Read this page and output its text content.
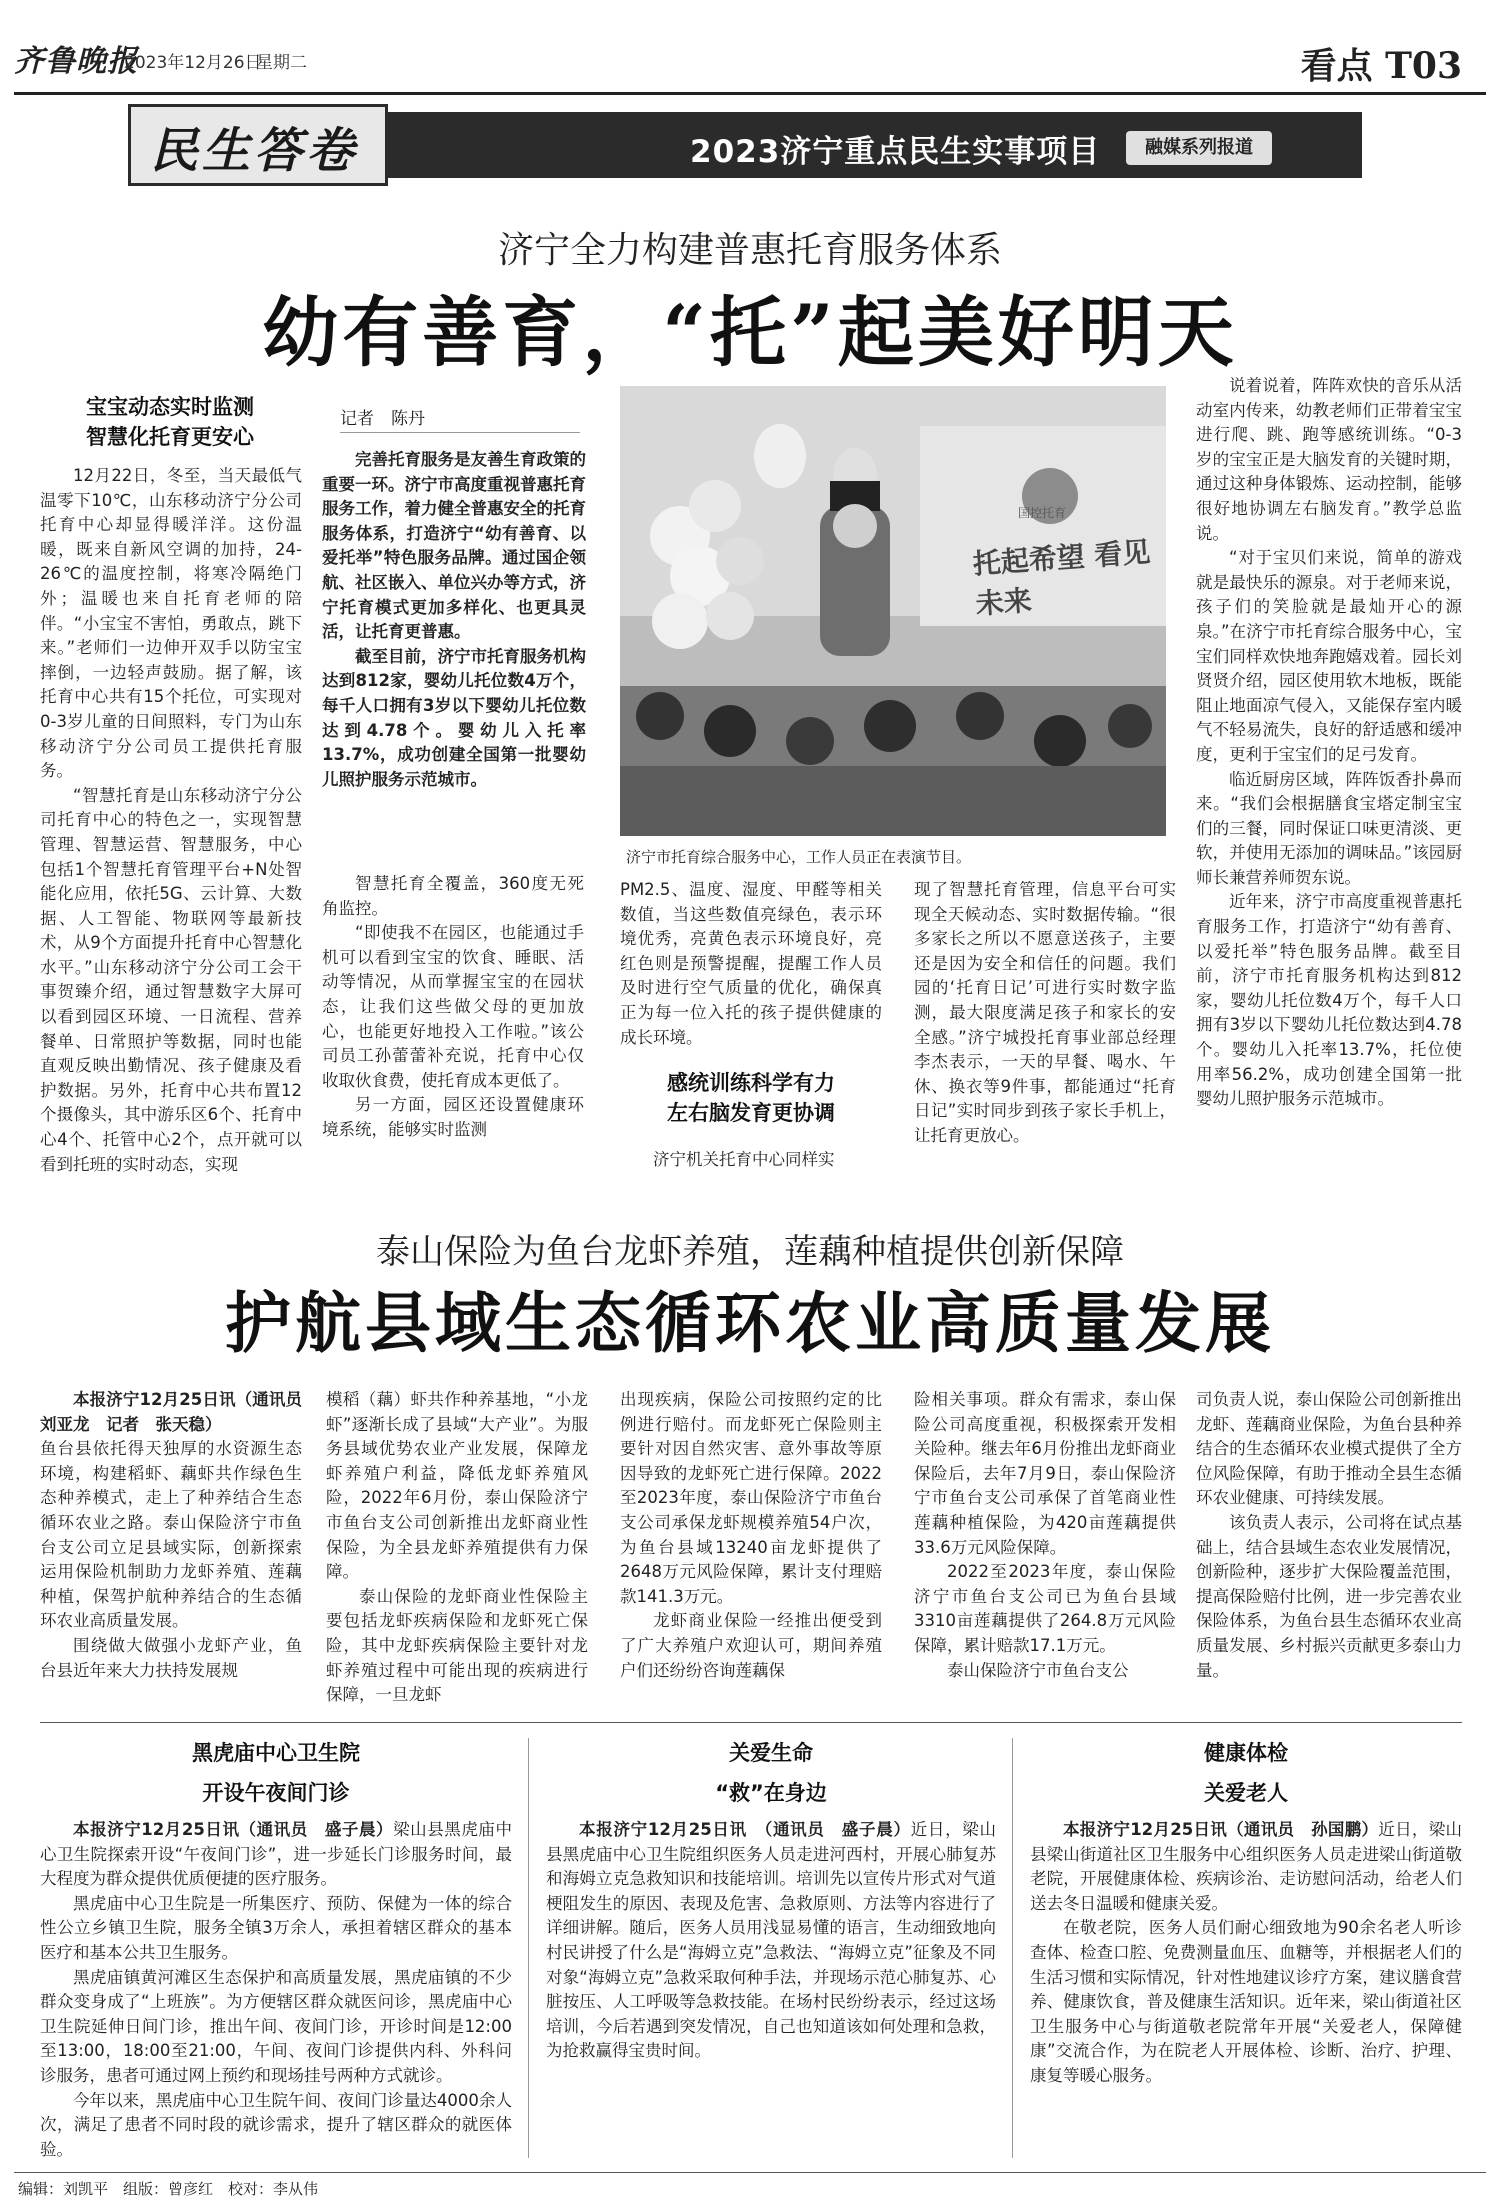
齐鲁晚报
2023年12月26日
星期二	看点 T03
民生答卷	2023济宁重点民生实事项目	融媒系列报道
济宁全力构建普惠托育服务体系
幼有善育，“托”起美好明天
宝宝动态实时监测
智慧化托育更安心

12月22日，冬至，当天最低气温零下10℃，山东移动济宁分公司托育中心却显得暖洋洋。这份温暖，既来自新风空调的加持，24-26℃的温度控制，将寒冷隔绝门外；温暖也来自托育老师的陪伴。“小宝宝不害怕，勇敢点，跳下来。”老师们一边伸开双手以防宝宝摔倒，一边轻声鼓励。据了解，该托育中心共有15个托位，可实现对0-3岁儿童的日间照料，专门为山东移动济宁分公司员工提供托育服务。

“智慧托育是山东移动济宁分公司托育中心的特色之一，实现智慧管理、智慧运营、智慧服务，中心包括1个智慧托育管理平台+N处智能化应用，依托5G、云计算、大数据、人工智能、物联网等最新技术，从9个方面提升托育中心智慧化水平。”山东移动济宁分公司工会干事贺臻介绍，通过智慧数字大屏可以看到园区环境、一日流程、营养餐单、日常照护等数据，同时也能直观反映出勤情况、孩子健康及看护数据。另外，托育中心共布置12个摄像头，其中游乐区6个、托育中心4个、托管中心2个，点开就可以看到托班的实时动态，实现

记者　陈丹

完善托育服务是友善生育政策的重要一环。济宁市高度重视普惠托育服务工作，着力健全普惠安全的托育服务体系，打造济宁“幼有善育、以爱托举”特色服务品牌。通过国企领航、社区嵌入、单位兴办等方式，济宁托育模式更加多样化、也更具灵活，让托育更普惠。

截至目前，济宁市托育服务机构达到812家，婴幼儿托位数4万个，每千人口拥有3岁以下婴幼儿托位数达到4.78个。婴幼儿入托率13.7%，成功创建全国第一批婴幼儿照护服务示范城市。

托起希望 看见未来
国控托育
济宁市托育综合服务中心，工作人员正在表演节目。

智慧托育全覆盖，360度无死角监控。

“即使我不在园区，也能通过手机可以看到宝宝的饮食、睡眠、活动等情况，从而掌握宝宝的在园状态，让我们这些做父母的更加放心，也能更好地投入工作啦。”该公司员工孙蕾蕾补充说，托育中心仅收取伙食费，使托育成本更低了。

另一方面，园区还设置健康环境系统，能够实时监测

PM2.5、温度、湿度、甲醛等相关数值，当这些数值亮绿色，表示环境优秀，亮黄色表示环境良好，亮红色则是预警提醒，提醒工作人员及时进行空气质量的优化，确保真正为每一位入托的孩子提供健康的成长环境。

感统训练科学有力
左右脑发育更协调

济宁机关托育中心同样实

现了智慧托育管理，信息平台可实现全天候动态、实时数据传输。“很多家长之所以不愿意送孩子，主要还是因为安全和信任的问题。我们园的‘托育日记’可进行实时数字监测，最大限度满足孩子和家长的安全感。”济宁城投托育事业部总经理李杰表示，一天的早餐、喝水、午休、换衣等9件事，都能通过“托育日记”实时同步到孩子家长手机上，让托育更放心。

说着说着，阵阵欢快的音乐从活动室内传来，幼教老师们正带着宝宝进行爬、跳、跑等感统训练。“0-3岁的宝宝正是大脑发育的关键时期，通过这种身体锻炼、运动控制，能够很好地协调左右脑发育。”教学总监说。

“对于宝贝们来说，简单的游戏就是最快乐的源泉。对于老师来说，孩子们的笑脸就是最灿开心的源泉。”在济宁市托育综合服务中心，宝宝们同样欢快地奔跑嬉戏着。园长刘贤贤介绍，园区使用软木地板，既能阻止地面凉气侵入，又能保存室内暖气不轻易流失，良好的舒适感和缓冲度，更利于宝宝们的足弓发育。

临近厨房区域，阵阵饭香扑鼻而来。“我们会根据膳食宝塔定制宝宝们的三餐，同时保证口味更清淡、更软，并使用无添加的调味品。”该园厨师长兼营养师贺东说。

近年来，济宁市高度重视普惠托育服务工作，打造济宁“幼有善育、以爱托举”特色服务品牌。截至目前，济宁市托育服务机构达到812家，婴幼儿托位数4万个，每千人口拥有3岁以下婴幼儿托位数达到4.78个。婴幼儿入托率13.7%，托位使用率56.2%，成功创建全国第一批婴幼儿照护服务示范城市。

泰山保险为鱼台龙虾养殖，莲藕种植提供创新保障
护航县域生态循环农业高质量发展

本报济宁12月25日讯（通讯员　刘亚龙　记者　张天稳）

鱼台县依托得天独厚的水资源生态环境，构建稻虾、藕虾共作绿色生态种养模式，走上了种养结合生态循环农业之路。泰山保险济宁市鱼台支公司立足县域实际，创新探索运用保险机制助力龙虾养殖、莲藕种植，保驾护航种养结合的生态循环农业高质量发展。

围绕做大做强小龙虾产业，鱼台县近年来大力扶持发展规

模稻（藕）虾共作种养基地，“小龙虾”逐渐长成了县域“大产业”。为服务县域优势农业产业发展，保障龙虾养殖户利益，降低龙虾养殖风险，2022年6月份，泰山保险济宁市鱼台支公司创新推出龙虾商业性保险，为全县龙虾养殖提供有力保障。

泰山保险的龙虾商业性保险主要包括龙虾疾病保险和龙虾死亡保险，其中龙虾疾病保险主要针对龙虾养殖过程中可能出现的疾病进行保障，一旦龙虾

出现疾病，保险公司按照约定的比例进行赔付。而龙虾死亡保险则主要针对因自然灾害、意外事故等原因导致的龙虾死亡进行保障。2022至2023年度，泰山保险济宁市鱼台支公司承保龙虾规模养殖54户次，为鱼台县域13240亩龙虾提供了2648万元风险保障，累计支付理赔款141.3万元。

龙虾商业保险一经推出便受到了广大养殖户欢迎认可，期间养殖户们还纷纷咨询莲藕保

险相关事项。群众有需求，泰山保险公司高度重视，积极探索开发相关险种。继去年6月份推出龙虾商业保险后，去年7月9日，泰山保险济宁市鱼台支公司承保了首笔商业性莲藕种植保险，为420亩莲藕提供33.6万元风险保障。

2022至2023年度，泰山保险济宁市鱼台支公司已为鱼台县域3310亩莲藕提供了264.8万元风险保障，累计赔款17.1万元。

泰山保险济宁市鱼台支公

司负责人说，泰山保险公司创新推出龙虾、莲藕商业保险，为鱼台县种养结合的生态循环农业模式提供了全方位风险保障，有助于推动全县生态循环农业健康、可持续发展。

该负责人表示，公司将在试点基础上，结合县域生态农业发展情况，创新险种，逐步扩大保险覆盖范围，提高保险赔付比例，进一步完善农业保险体系，为鱼台县生态循环农业高质量发展、乡村振兴贡献更多泰山力量。

黑虎庙中心卫生院
开设午夜间门诊

本报济宁12月25日讯（通讯员　盛子晨）梁山县黑虎庙中心卫生院探索开设“午夜间门诊”，进一步延长门诊服务时间，最大程度为群众提供优质便捷的医疗服务。

黑虎庙中心卫生院是一所集医疗、预防、保健为一体的综合性公立乡镇卫生院，服务全镇3万余人，承担着辖区群众的基本医疗和基本公共卫生服务。

黑虎庙镇黄河滩区生态保护和高质量发展，黑虎庙镇的不少群众变身成了“上班族”。为方便辖区群众就医问诊，黑虎庙中心卫生院延伸日间门诊，推出午间、夜间门诊，开诊时间是12:00至13:00，18:00至21:00，午间、夜间门诊提供内科、外科问诊服务，患者可通过网上预约和现场挂号两种方式就诊。

今年以来，黑虎庙中心卫生院午间、夜间门诊量达4000余人次，满足了患者不同时段的就诊需求，提升了辖区群众的就医体验。

关爱生命
“救”在身边

本报济宁12月25日讯　（通讯员　盛子晨）近日，梁山县黑虎庙中心卫生院组织医务人员走进河西村，开展心肺复苏和海姆立克急救知识和技能培训。培训先以宣传片形式对气道梗阻发生的原因、表现及危害、急救原则、方法等内容进行了详细讲解。随后，医务人员用浅显易懂的语言，生动细致地向村民讲授了什么是“海姆立克”急救法、“海姆立克”征象及不同对象“海姆立克”急救采取何种手法，并现场示范心肺复苏、心脏按压、人工呼吸等急救技能。在场村民纷纷表示，经过这场培训，今后若遇到突发情况，自己也知道该如何处理和急救，为抢救赢得宝贵时间。

健康体检
关爱老人

本报济宁12月25日讯（通讯员　孙国鹏）近日，梁山县梁山街道社区卫生服务中心组织医务人员走进梁山街道敬老院，开展健康体检、疾病诊治、走访慰问活动，给老人们送去冬日温暖和健康关爱。

在敬老院，医务人员们耐心细致地为90余名老人听诊查体、检查口腔、免费测量血压、血糖等，并根据老人们的生活习惯和实际情况，针对性地建议诊疗方案，建议膳食营养、健康饮食，普及健康生活知识。近年来，梁山街道社区卫生服务中心与街道敬老院常年开展“关爱老人，保障健康”交流合作，为在院老人开展体检、诊断、治疗、护理、康复等暖心服务。

编辑：刘凯平　组版：曾彦红　校对：李从伟
